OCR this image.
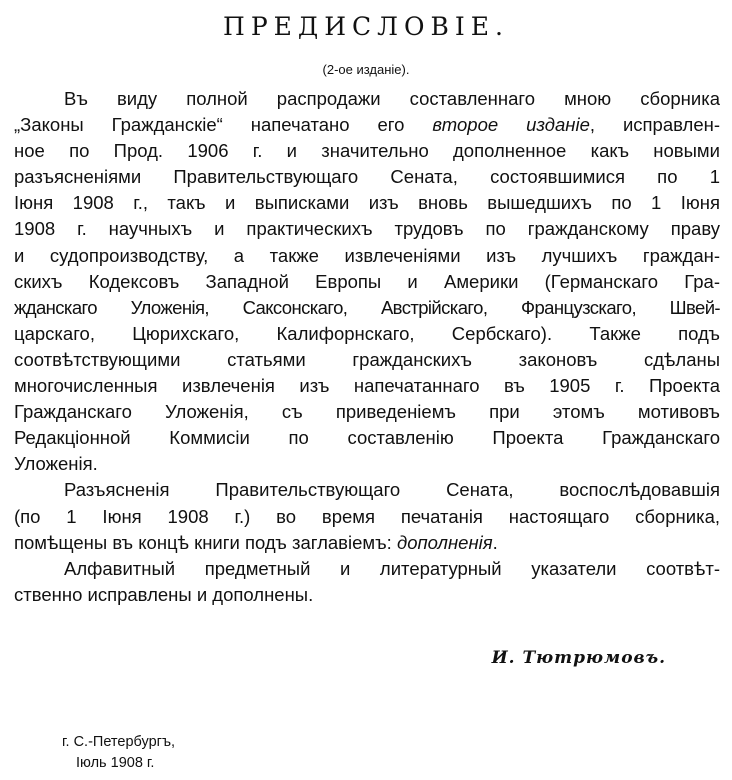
ПРЕДИСЛОВІЕ.

(2-ое изданіе).

Въ виду полной распродажи составленнаго мною сборника
„Законы Гражданскіе“ напечатано его второе изданіе, исправлен-
ное по Прод. 1906 г. и значительно дополненное какъ новыми
разъясненіями Правительствующаго Сената, состоявшимися по 1
Іюня 1908 г., такъ и выписками изъ вновь вышедшихъ по 1 Іюня
1908 г. научныхъ и практическихъ трудовъ по гражданскому праву
и судопроизводству, а также извлеченіями изъ лучшихъ граждан-
скихъ Кодексовъ Западной Европы и Америки (Германскаго Гра-
жданскаго Уложенія, Саксонскаго, Австрійскаго, Французскаго, Швей-
царскаго, Цюрихскаго, Калифорнскаго, Сербскаго). Также подъ
соотвѣтствующими статьями гражданскихъ законовъ сдѣланы
многочисленныя извлеченія изъ напечатаннаго въ 1905 г. Проекта
Гражданскаго Уложенія, съ приведеніемъ при этомъ мотивовъ
Редакціонной Коммисіи по составленію Проекта Гражданскаго
Уложенія.
Разъясненія Правительствующаго Сената, воспослѣдовавшія
(по 1 Іюня 1908 г.) во время печатанія настоящаго сборника,
помѣщены въ концѣ книги подъ заглавіемъ: дополненія.
Алфавитный предметный и литературный указатели соотвѣт-
ственно исправлены и дополнены.

И. Тютрюмовъ.

г. С.-Петербургъ,
Іюль 1908 г.
